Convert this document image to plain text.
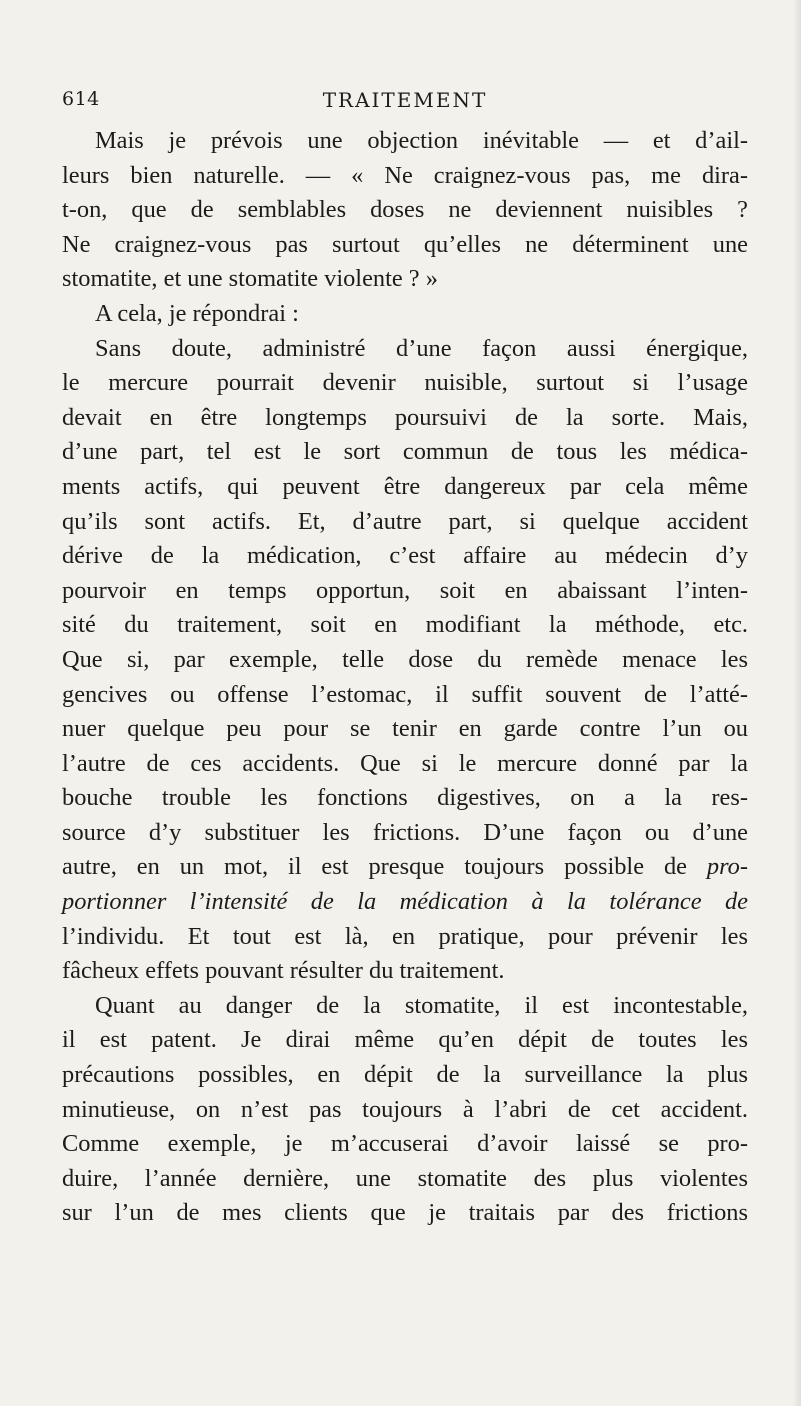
614	TRAITEMENT
Mais je prévois une objection inévitable — et d’ail-
leurs bien naturelle. — « Ne craignez-vous pas, me dira-
t-on, que de semblables doses ne deviennent nuisibles ?
Ne craignez-vous pas surtout qu’elles ne déterminent une
stomatite, et une stomatite violente ? »
A cela, je répondrai :
Sans doute, administré d’une façon aussi énergique,
le mercure pourrait devenir nuisible, surtout si l’usage
devait en être longtemps poursuivi de la sorte. Mais,
d’une part, tel est le sort commun de tous les médica-
ments actifs, qui peuvent être dangereux par cela même
qu’ils sont actifs. Et, d’autre part, si quelque accident
dérive de la médication, c’est affaire au médecin d’y
pourvoir en temps opportun, soit en abaissant l’inten-
sité du traitement, soit en modifiant la méthode, etc.
Que si, par exemple, telle dose du remède menace les
gencives ou offense l’estomac, il suffit souvent de l’atté-
nuer quelque peu pour se tenir en garde contre l’un ou
l’autre de ces accidents. Que si le mercure donné par la
bouche trouble les fonctions digestives, on a la res-
source d’y substituer les frictions. D’une façon ou d’une
autre, en un mot, il est presque toujours possible de pro-
portionner l’intensité de la médication à la tolérance de
l’individu. Et tout est là, en pratique, pour prévenir les
fâcheux effets pouvant résulter du traitement.
Quant au danger de la stomatite, il est incontestable,
il est patent. Je dirai même qu’en dépit de toutes les
précautions possibles, en dépit de la surveillance la plus
minutieuse, on n’est pas toujours à l’abri de cet accident.
Comme exemple, je m’accuserai d’avoir laissé se pro-
duire, l’année dernière, une stomatite des plus violentes
sur l’un de mes clients que je traitais par des frictions
